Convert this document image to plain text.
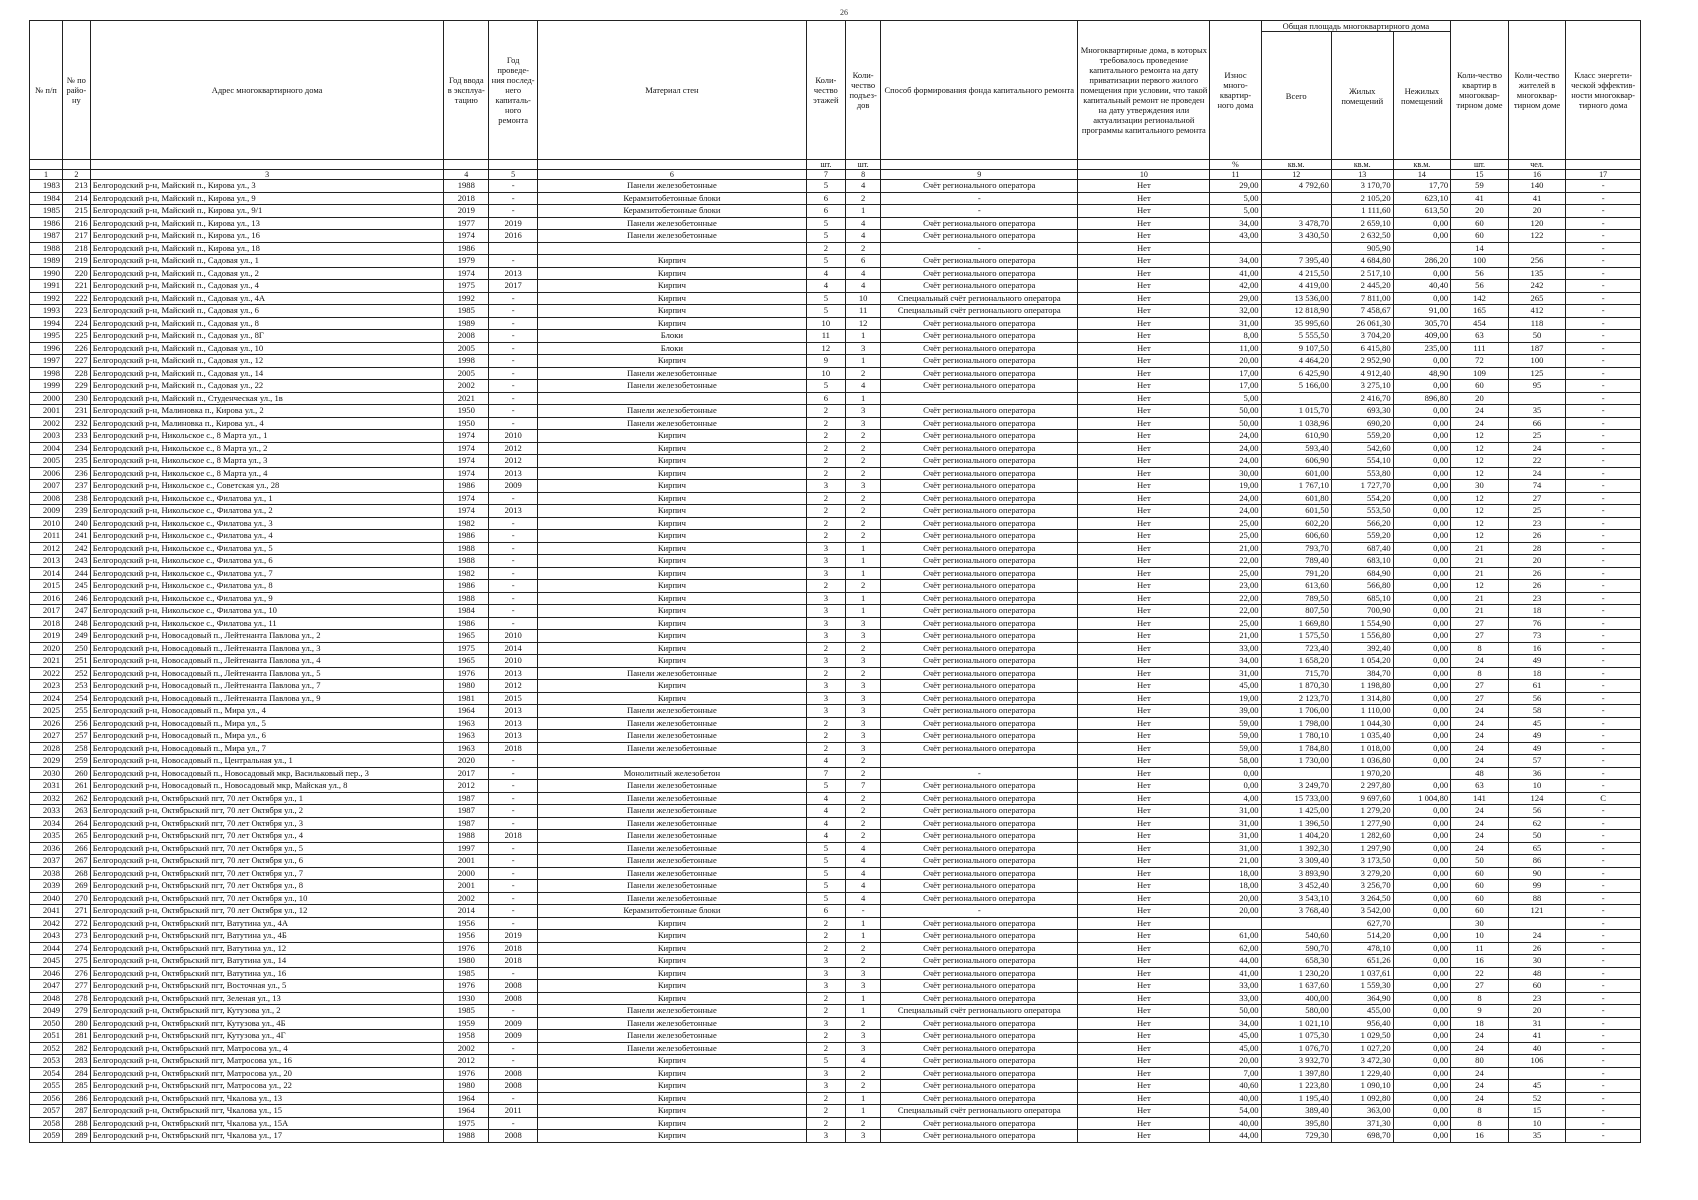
26
№ п/п	№ по райо-ну	Адрес многоквартирного дома	Год ввода в эксплуа-тацию	Год проведе-ния послед-него капиталь-ного ремонта	Материал стен	Коли-чество этажей	Коли-чество подъез-дов	Способ формирования фонда капитального ремонта	Многоквартирные дома, в которых требовалось проведение капитального ремонта на дату приватизации первого жилого помещения при условии, что такой капитальный ремонт не проведен на дату утверждения или актуализации региональной программы капитального ремонта	Износ много-квартир-ного дома	Общая площадь многоквартирного дома			Коли-чество квартир в многоквар-тирном доме	Коли-чество жителей в многоквар-тирном доме	Класс энергети-ческой эффектив-ности многоквар-тирного дома
											Всего	Жилых помещений	Нежилых помещений			
						шт.	шт.			%	кв.м.	кв.м.	кв.м.	шт.	чел.	
1	2	3	4	5	6	7	8	9	10	11	12	13	14	15	16	17
1983	213	Белгородский р-н, Майский п., Кирова ул., 3	1988	-	Панели железобетонные	5	4	Счёт регионального оператора	Нет	29,00	4 792,60	3 170,70	17,70	59	140	-
1984	214	Белгородский р-н, Майский п., Кирова ул., 9	2018	-	Керамзитобетонные блоки	6	2	-	Нет	5,00		2 105,20	623,10	41	41	-
1985	215	Белгородский р-н, Майский п., Кирова ул., 9/1	2019	-	Керамзитобетонные блоки	6	1	-	Нет	5,00		1 111,60	613,50	20	20	-
1986	216	Белгородский р-н, Майский п., Кирова ул., 13	1977	2019	Панели железобетонные	5	4	Счёт регионального оператора	Нет	34,00	3 478,70	2 659,10	0,00	60	120	-
1987	217	Белгородский р-н, Майский п., Кирова ул., 16	1974	2016	Панели железобетонные	5	4	Счёт регионального оператора	Нет	43,00	3 430,50	2 632,50	0,00	60	122	-
1988	218	Белгородский р-н, Майский п., Кирова ул., 18	1986			2	2	-	Нет			905,90		14		-
1989	219	Белгородский р-н, Майский п., Садовая ул., 1	1979	-	Кирпич	5	6	Счёт регионального оператора	Нет	34,00	7 395,40	4 684,80	286,20	100	256	-
1990	220	Белгородский р-н, Майский п., Садовая ул., 2	1974	2013	Кирпич	4	4	Счёт регионального оператора	Нет	41,00	4 215,50	2 517,10	0,00	56	135	-
1991	221	Белгородский р-н, Майский п., Садовая ул., 4	1975	2017	Кирпич	4	4	Счёт регионального оператора	Нет	42,00	4 419,00	2 445,20	40,40	56	242	-
1992	222	Белгородский р-н, Майский п., Садовая ул., 4А	1992	-	Кирпич	5	10	Специальный счёт регионального оператора	Нет	29,00	13 536,00	7 811,00	0,00	142	265	-
1993	223	Белгородский р-н, Майский п., Садовая ул., 6	1985	-	Кирпич	5	11	Специальный счёт регионального оператора	Нет	32,00	12 818,90	7 458,67	91,00	165	412	-
1994	224	Белгородский р-н, Майский п., Садовая ул., 8	1989	-	Кирпич	10	12	Счёт регионального оператора	Нет	31,00	35 995,60	26 061,30	305,70	454	118	-
1995	225	Белгородский р-н, Майский п., Садовая ул., 8Г	2008	-	Блоки	11	1	Счёт регионального оператора	Нет	8,00	5 555,50	3 704,20	409,00	63	50	-
1996	226	Белгородский р-н, Майский п., Садовая ул., 10	2005	-	Блоки	12	3	Счёт регионального оператора	Нет	11,00	9 107,50	6 415,80	235,00	111	187	-
1997	227	Белгородский р-н, Майский п., Садовая ул., 12	1998	-	Кирпич	9	1	Счёт регионального оператора	Нет	20,00	4 464,20	2 952,90	0,00	72	100	-
1998	228	Белгородский р-н, Майский п., Садовая ул., 14	2005	-	Панели железобетонные	10	2	Счёт регионального оператора	Нет	17,00	6 425,90	4 912,40	48,90	109	125	-
1999	229	Белгородский р-н, Майский п., Садовая ул., 22	2002	-	Панели железобетонные	5	4	Счёт регионального оператора	Нет	17,00	5 166,00	3 275,10	0,00	60	95	-
2000	230	Белгородский р-н, Майский п., Студенческая ул., 1в	2021	-		6	1		Нет	5,00		2 416,70	896,80	20		-
2001	231	Белгородский р-н, Малиновка п., Кирова ул., 2	1950	-	Панели железобетонные	2	3	Счёт регионального оператора	Нет	50,00	1 015,70	693,30	0,00	24	35	-
2002	232	Белгородский р-н, Малиновка п., Кирова ул., 4	1950	-	Панели железобетонные	2	3	Счёт регионального оператора	Нет	50,00	1 038,96	690,20	0,00	24	66	-
2003	233	Белгородский р-н, Никольское с., 8 Марта ул., 1	1974	2010	Кирпич	2	2	Счёт регионального оператора	Нет	24,00	610,90	559,20	0,00	12	25	-
2004	234	Белгородский р-н, Никольское с., 8 Марта ул., 2	1974	2012	Кирпич	2	2	Счёт регионального оператора	Нет	24,00	593,40	542,60	0,00	12	24	-
2005	235	Белгородский р-н, Никольское с., 8 Марта ул., 3	1974	2012	Кирпич	2	2	Счёт регионального оператора	Нет	24,00	606,90	554,10	0,00	12	22	-
2006	236	Белгородский р-н, Никольское с., 8 Марта ул., 4	1974	2013	Кирпич	2	2	Счёт регионального оператора	Нет	30,00	601,00	553,80	0,00	12	24	-
2007	237	Белгородский р-н, Никольское с., Советская ул., 28	1986	2009	Кирпич	3	3	Счёт регионального оператора	Нет	19,00	1 767,10	1 727,70	0,00	30	74	-
2008	238	Белгородский р-н, Никольское с., Филатова ул., 1	1974	-	Кирпич	2	2	Счёт регионального оператора	Нет	24,00	601,80	554,20	0,00	12	27	-
2009	239	Белгородский р-н, Никольское с., Филатова ул., 2	1974	2013	Кирпич	2	2	Счёт регионального оператора	Нет	24,00	601,50	553,50	0,00	12	25	-
2010	240	Белгородский р-н, Никольское с., Филатова ул., 3	1982	-	Кирпич	2	2	Счёт регионального оператора	Нет	25,00	602,20	566,20	0,00	12	23	-
2011	241	Белгородский р-н, Никольское с., Филатова ул., 4	1986	-	Кирпич	2	2	Счёт регионального оператора	Нет	25,00	606,60	559,20	0,00	12	26	-
2012	242	Белгородский р-н, Никольское с., Филатова ул., 5	1988	-	Кирпич	3	1	Счёт регионального оператора	Нет	21,00	793,70	687,40	0,00	21	28	-
2013	243	Белгородский р-н, Никольское с., Филатова ул., 6	1988	-	Кирпич	3	1	Счёт регионального оператора	Нет	22,00	789,40	683,10	0,00	21	20	-
2014	244	Белгородский р-н, Никольское с., Филатова ул., 7	1982	-	Кирпич	3	1	Счёт регионального оператора	Нет	25,00	791,20	684,90	0,00	21	26	-
2015	245	Белгородский р-н, Никольское с., Филатова ул., 8	1986	-	Кирпич	2	2	Счёт регионального оператора	Нет	23,00	613,60	566,80	0,00	12	26	-
2016	246	Белгородский р-н, Никольское с., Филатова ул., 9	1988	-	Кирпич	3	1	Счёт регионального оператора	Нет	22,00	789,50	685,10	0,00	21	23	-
2017	247	Белгородский р-н, Никольское с., Филатова ул., 10	1984	-	Кирпич	3	1	Счёт регионального оператора	Нет	22,00	807,50	700,90	0,00	21	18	-
2018	248	Белгородский р-н, Никольское с., Филатова ул., 11	1986	-	Кирпич	3	3	Счёт регионального оператора	Нет	25,00	1 669,80	1 554,90	0,00	27	76	-
2019	249	Белгородский р-н, Новосадовый п., Лейтенанта Павлова ул., 2	1965	2010	Кирпич	3	3	Счёт регионального оператора	Нет	21,00	1 575,50	1 556,80	0,00	27	73	-
2020	250	Белгородский р-н, Новосадовый п., Лейтенанта Павлова ул., 3	1975	2014	Кирпич	2	2	Счёт регионального оператора	Нет	33,00	723,40	392,40	0,00	8	16	-
2021	251	Белгородский р-н, Новосадовый п., Лейтенанта Павлова ул., 4	1965	2010	Кирпич	3	3	Счёт регионального оператора	Нет	34,00	1 658,20	1 054,20	0,00	24	49	-
2022	252	Белгородский р-н, Новосадовый п., Лейтенанта Павлова ул., 5	1976	2013	Панели железобетонные	2	2	Счёт регионального оператора	Нет	31,00	715,70	384,70	0,00	8	18	-
2023	253	Белгородский р-н, Новосадовый п., Лейтенанта Павлова ул., 7	1980	2012	Кирпич	3	3	Счёт регионального оператора	Нет	45,00	1 870,30	1 198,80	0,00	27	61	-
2024	254	Белгородский р-н, Новосадовый п., Лейтенанта Павлова ул., 9	1981	2015	Кирпич	3	3	Счёт регионального оператора	Нет	19,00	2 123,70	1 314,80	0,00	27	56	-
2025	255	Белгородский р-н, Новосадовый п., Мира ул., 4	1964	2013	Панели железобетонные	3	3	Счёт регионального оператора	Нет	39,00	1 706,00	1 110,00	0,00	24	58	-
2026	256	Белгородский р-н, Новосадовый п., Мира ул., 5	1963	2013	Панели железобетонные	2	3	Счёт регионального оператора	Нет	59,00	1 798,00	1 044,30	0,00	24	45	-
2027	257	Белгородский р-н, Новосадовый п., Мира ул., 6	1963	2013	Панели железобетонные	2	3	Счёт регионального оператора	Нет	59,00	1 780,10	1 035,40	0,00	24	49	-
2028	258	Белгородский р-н, Новосадовый п., Мира ул., 7	1963	2018	Панели железобетонные	2	3	Счёт регионального оператора	Нет	59,00	1 784,80	1 018,00	0,00	24	49	-
2029	259	Белгородский р-н, Новосадовый п., Центральная ул., 1	2020	-		4	2		Нет	58,00	1 730,00	1 036,80	0,00	24	57	-
2030	260	Белгородский р-н, Новосадовый п., Новосадовый мкр, Васильковый пер., 3	2017	-	Монолитный железобетон	7	2	-	Нет	0,00		1 970,20		48	36	-
2031	261	Белгородский р-н, Новосадовый п., Новосадовый мкр, Майская ул., 8	2012	-	Панели железобетонные	5	7	Счёт регионального оператора	Нет	0,00	3 249,70	2 297,80	0,00	63	10	-
2032	262	Белгородский р-н, Октябрьский пгт, 70 лет Октября ул., 1	1987	-	Панели железобетонные	4	2	Счёт регионального оператора	Нет	4,00	15 733,00	9 697,60	1 004,80	141	124	С
2033	263	Белгородский р-н, Октябрьский пгт, 70 лет Октября ул., 2	1987	-	Панели железобетонные	4	2	Счёт регионального оператора	Нет	31,00	1 425,00	1 279,20	0,00	24	56	-
2034	264	Белгородский р-н, Октябрьский пгт, 70 лет Октября ул., 3	1987	-	Панели железобетонные	4	2	Счёт регионального оператора	Нет	31,00	1 396,50	1 277,90	0,00	24	62	-
2035	265	Белгородский р-н, Октябрьский пгт, 70 лет Октября ул., 4	1988	2018	Панели железобетонные	4	2	Счёт регионального оператора	Нет	31,00	1 404,20	1 282,60	0,00	24	50	-
2036	266	Белгородский р-н, Октябрьский пгт, 70 лет Октября ул., 5	1997	-	Панели железобетонные	5	4	Счёт регионального оператора	Нет	31,00	1 392,30	1 297,90	0,00	24	65	-
2037	267	Белгородский р-н, Октябрьский пгт, 70 лет Октября ул., 6	2001	-	Панели железобетонные	5	4	Счёт регионального оператора	Нет	21,00	3 309,40	3 173,50	0,00	50	86	-
2038	268	Белгородский р-н, Октябрьский пгт, 70 лет Октября ул., 7	2000	-	Панели железобетонные	5	4	Счёт регионального оператора	Нет	18,00	3 893,90	3 279,20	0,00	60	90	-
2039	269	Белгородский р-н, Октябрьский пгт, 70 лет Октября ул., 8	2001	-	Панели железобетонные	5	4	Счёт регионального оператора	Нет	18,00	3 452,40	3 256,70	0,00	60	99	-
2040	270	Белгородский р-н, Октябрьский пгт, 70 лет Октября ул., 10	2002	-	Панели железобетонные	5	4	Счёт регионального оператора	Нет	20,00	3 543,10	3 264,50	0,00	60	88	-
2041	271	Белгородский р-н, Октябрьский пгт, 70 лет Октября ул., 12	2014	-	Керамзитобетонные блоки	6	-	-	Нет	20,00	3 768,40	3 542,00	0,00	60	121	-
2042	272	Белгородский р-н, Октябрьский пгт, Ватутина ул., 4А	1956	-	Кирпич	2	1	Счёт регионального оператора	Нет			627,70		30		-
2043	273	Белгородский р-н, Октябрьский пгт, Ватутина ул., 4Б	1956	2019	Кирпич	2	1	Счёт регионального оператора	Нет	61,00	540,60	514,20	0,00	10	24	-
2044	274	Белгородский р-н, Октябрьский пгт, Ватутина ул., 12	1976	2018	Кирпич	2	2	Счёт регионального оператора	Нет	62,00	590,70	478,10	0,00	11	26	-
2045	275	Белгородский р-н, Октябрьский пгт, Ватутина ул., 14	1980	2018	Кирпич	3	2	Счёт регионального оператора	Нет	44,00	658,30	651,26	0,00	16	30	-
2046	276	Белгородский р-н, Октябрьский пгт, Ватутина ул., 16	1985	-	Кирпич	3	3	Счёт регионального оператора	Нет	41,00	1 230,20	1 037,61	0,00	22	48	-
2047	277	Белгородский р-н, Октябрьский пгт, Восточная ул., 5	1976	2008	Кирпич	3	3	Счёт регионального оператора	Нет	33,00	1 637,60	1 559,30	0,00	27	60	-
2048	278	Белгородский р-н, Октябрьский пгт, Зеленая ул., 13	1930	2008	Кирпич	2	1	Счёт регионального оператора	Нет	33,00	400,00	364,90	0,00	8	23	-
2049	279	Белгородский р-н, Октябрьский пгт, Кутузова ул., 2	1985	-	Панели железобетонные	2	1	Специальный счёт регионального оператора	Нет	50,00	580,00	455,00	0,00	9	20	-
2050	280	Белгородский р-н, Октябрьский пгт, Кутузова ул., 4Б	1959	2009	Панели железобетонные	3	2	Счёт регионального оператора	Нет	34,00	1 021,10	956,40	0,00	18	31	-
2051	281	Белгородский р-н, Октябрьский пгт, Кутузова ул., 4Г	1958	2009	Панели железобетонные	2	3	Счёт регионального оператора	Нет	45,00	1 075,30	1 029,50	0,00	24	41	-
2052	282	Белгородский р-н, Октябрьский пгт, Матросова ул., 4	2002	-	Панели железобетонные	2	3	Счёт регионального оператора	Нет	45,00	1 076,70	1 027,20	0,00	24	40	-
2053	283	Белгородский р-н, Октябрьский пгт, Матросова ул., 16	2012	-	Кирпич	5	4	Счёт регионального оператора	Нет	20,00	3 932,70	3 472,30	0,00	80	106	-
2054	284	Белгородский р-н, Октябрьский пгт, Матросова ул., 20	1976	2008	Кирпич	3	2	Счёт регионального оператора	Нет	7,00	1 397,80	1 229,40	0,00	24		-
2055	285	Белгородский р-н, Октябрьский пгт, Матросова ул., 22	1980	2008	Кирпич	3	2	Счёт регионального оператора	Нет	40,60	1 223,80	1 090,10	0,00	24	45	-
2056	286	Белгородский р-н, Октябрьский пгт, Чкалова ул., 13	1964	-	Кирпич	2	1	Счёт регионального оператора	Нет	40,00	1 195,40	1 092,80	0,00	24	52	-
2057	287	Белгородский р-н, Октябрьский пгт, Чкалова ул., 15	1964	2011	Кирпич	2	1	Специальный счёт регионального оператора	Нет	54,00	389,40	363,00	0,00	8	15	-
2058	288	Белгородский р-н, Октябрьский пгт, Чкалова ул., 15А	1975	-	Кирпич	2	2	Счёт регионального оператора	Нет	40,00	395,80	371,30	0,00	8	10	-
2059	289	Белгородский р-н, Октябрьский пгт, Чкалова ул., 17	1988	2008	Кирпич	3	3	Счёт регионального оператора	Нет	44,00	729,30	698,70	0,00	16	35	-
